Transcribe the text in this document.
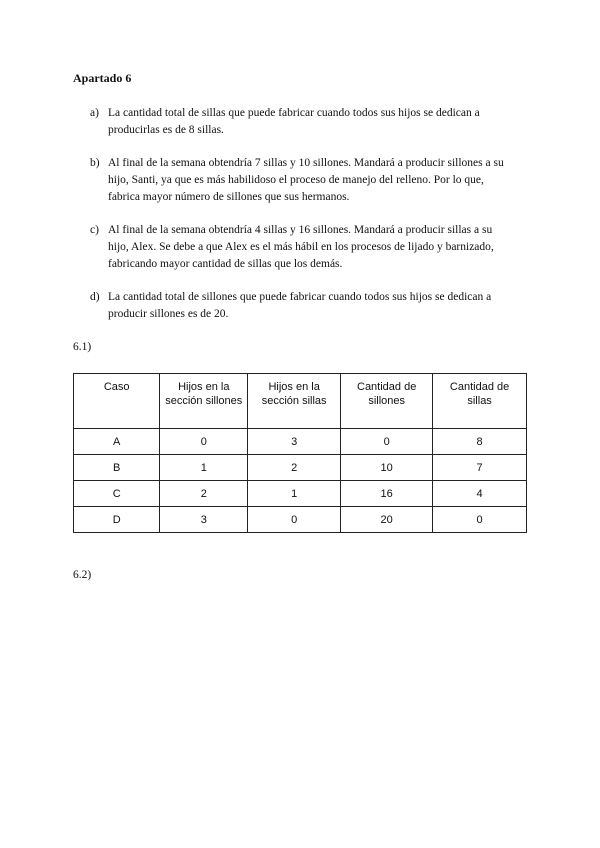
Apartado 6
a) La cantidad total de sillas que puede fabricar cuando todos sus hijos se dedican a producirlas es de 8 sillas.
b) Al final de la semana obtendría 7 sillas y 10 sillones. Mandará a producir sillones a su hijo, Santi, ya que es más habilidoso el proceso de manejo del relleno. Por lo que, fabrica mayor número de sillones que sus hermanos.
c) Al final de la semana obtendría 4 sillas y 16 sillones. Mandará a producir sillas a su hijo, Alex. Se debe a que Alex es el más hábil en los procesos de lijado y barnizado, fabricando mayor cantidad de sillas que los demás.
d) La cantidad total de sillones que puede fabricar cuando todos sus hijos se dedican a producir sillones es de 20.
6.1)
Caso	Hijos en la sección sillones	Hijos en la sección sillas	Cantidad de sillones	Cantidad de sillas
A	0	3	0	8
B	1	2	10	7
C	2	1	16	4
D	3	0	20	0
6.2)
